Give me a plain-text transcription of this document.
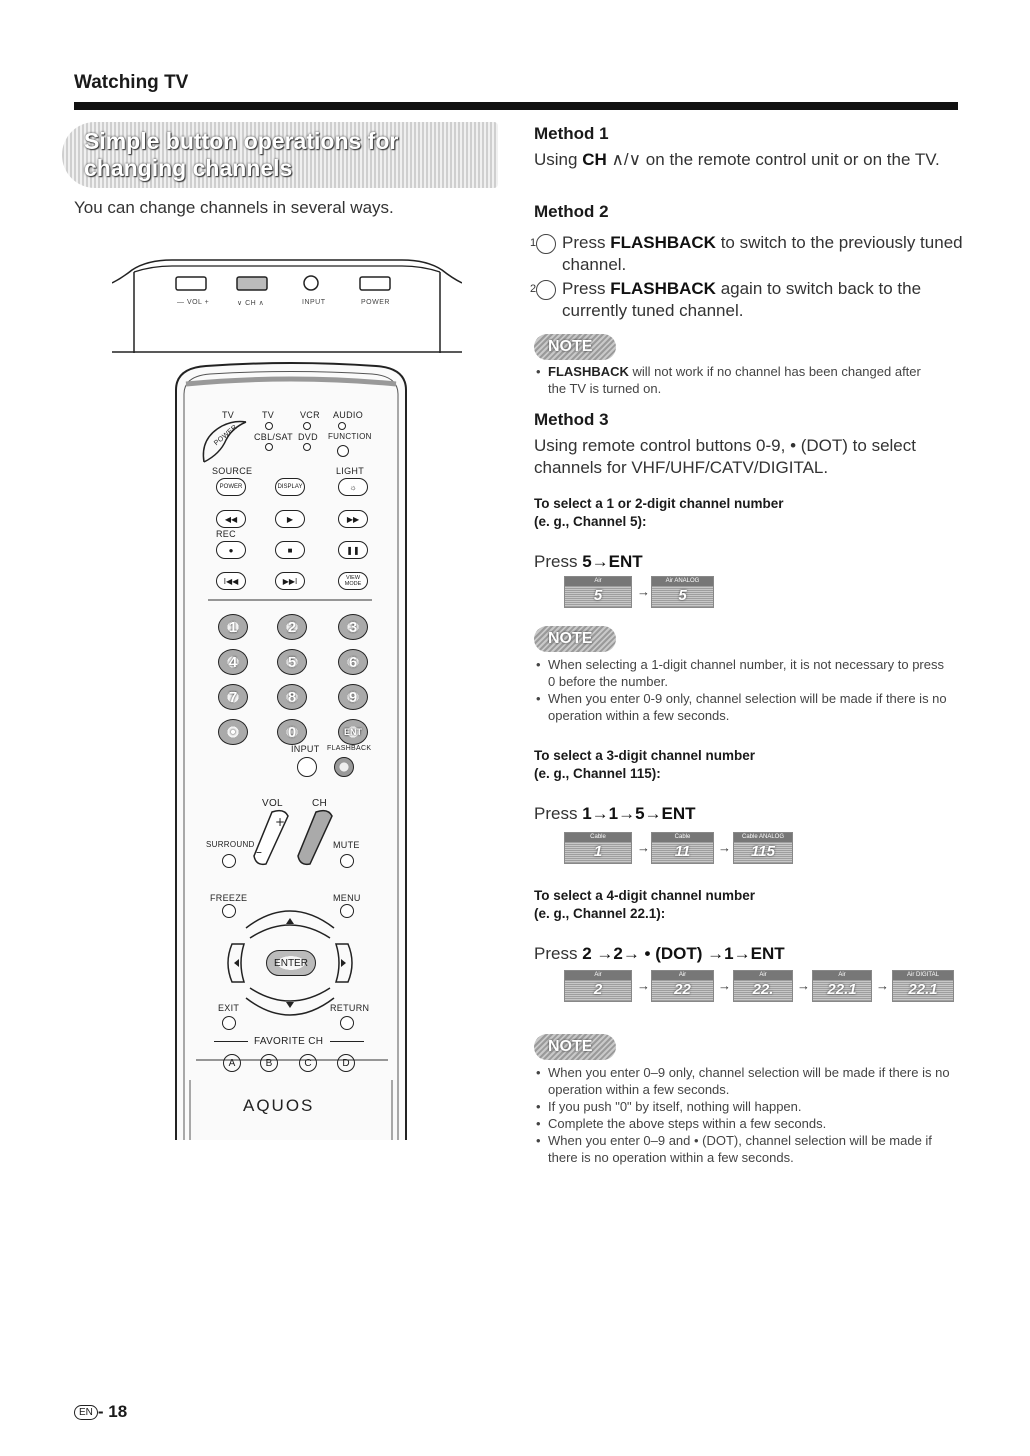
Watching TV
Simple button operations for
changing channels
You can change channels in several ways.
— VOL +	∨ CH ∧	INPUT	POWER
TV	TV	VCR AUDIO
CBL/SAT DVD FUNCTION
POWER
SOURCE	LIGHT
POWER	DISPLAY	☼
◀◀	▶	▶▶
REC
●	■	❚❚
I◀◀	▶▶I	VIEW MODE
1	2	3
4	5	6
7	8	9
•	0	ENT
INPUT FLASHBACK
VOL	CH
+
–
SURROUND	MUTE
FREEZE	MENU
ENTER
EXIT	RETURN
FAVORITE CH
A	B	C	D
AQUOS
Method 1
Using CH ∧/∨ on the remote control unit or on the TV.
Method 2
1 Press FLASHBACK to switch to the previously tuned channel.
2 Press FLASHBACK again to switch back to the currently tuned channel.
NOTE
• FLASHBACK will not work if no channel has been changed after the TV is turned on.
Method 3
Using remote control buttons 0-9, • (DOT) to select channels for VHF/UHF/CATV/DIGITAL.
To select a 1 or 2-digit channel number
(e. g., Channel 5):
Press 5→ENT
Air
5	→
Air ANALOG
5
NOTE
• When selecting a 1-digit channel number, it is not necessary to press 0 before the number.
• When you enter 0-9 only, channel selection will be made if there is no operation within a few seconds.
To select a 3-digit channel number
(e. g., Channel 115):
Press 1→1→5→ENT
Cable
1	→
Cable
11	→
Cable ANALOG
115
To select a 4-digit channel number
(e. g., Channel 22.1):
Press 2 →2→ • (DOT) →1→ENT
Air
2	→
Air
22	→
Air
22.	→
Air
22.1	→
Air DIGITAL
22.1
NOTE
• When you enter 0–9 only, channel selection will be made if there is no operation within a few seconds.
• If you push "0" by itself, nothing will happen.
• Complete the above steps within a few seconds.
• When you enter 0–9 and • (DOT), channel selection will be made if there is no operation within a few seconds.
EN - 18
